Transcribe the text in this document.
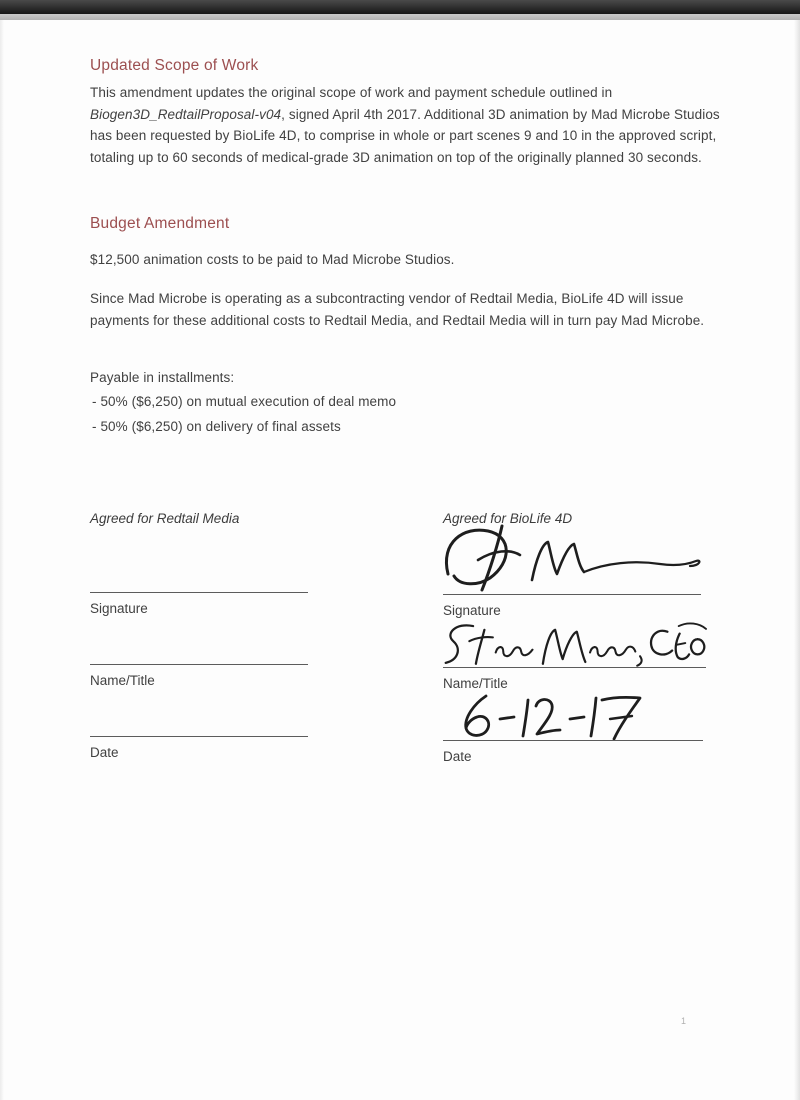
Updated Scope of Work

This amendment updates the original scope of work and payment schedule outlined in Biogen3D_RedtailProposal-v04, signed April 4th 2017. Additional 3D animation by Mad Microbe Studios has been requested by BioLife 4D, to comprise in whole or part scenes 9 and 10 in the approved script, totaling up to 60 seconds of medical-grade 3D animation on top of the originally planned 30 seconds.

Budget Amendment
$12,500 animation costs to be paid to Mad Microbe Studios.

Since Mad Microbe is operating as a subcontracting vendor of Redtail Media, BioLife 4D will issue payments for these additional costs to Redtail Media, and Redtail Media will in turn pay Mad Microbe.

Payable in installments:
- 50% ($6,250) on mutual execution of deal memo
- 50% ($6,250) on delivery of final assets
Agreed for Redtail Media
Signature
Name/Title
Date
Agreed for BioLife 4D
Signature
Name/Title
Date
1
